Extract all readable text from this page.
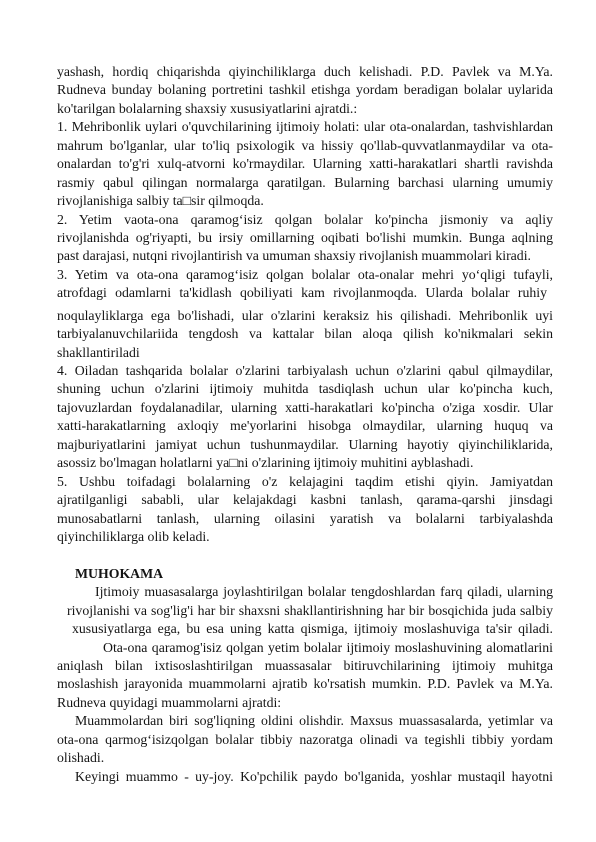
yashash, hordiq chiqarishda qiyinchiliklarga duch kelishadi. P.D. Pavlek va M.Ya.
Rudneva bunday bolaning portretini tashkil etishga yordam beradigan bolalar uylarida
ko'tarilgan bolalarning shaxsiy xususiyatlarini ajratdi.:
1. Mehribonlik uylari o'quvchilarining ijtimoiy holati: ular ota-onalardan, tashvishlardan
mahrum bo'lganlar, ular to'liq psixologik va hissiy qo'llab-quvvatlanmaydilar va ota-
onalardan to'g'ri xulq-atvorni ko'rmaydilar. Ularning xatti-harakatlari shartli ravishda
rasmiy qabul qilingan normalarga qaratilgan. Bularning barchasi ularning umumiy
rivojlanishiga salbiy ta□sir qilmoqda.
2. Yetim vaota-ona qaramog‘isiz qolgan bolalar ko'pincha jismoniy va aqliy
rivojlanishda og'riyapti, bu irsiy omillarning oqibati bo'lishi mumkin. Bunga aqlning
past darajasi, nutqni rivojlantirish va umuman shaxsiy rivojlanish muammolari kiradi.
3. Yetim va ota-ona qaramog‘isiz qolgan bolalar ota-onalar mehri yo‘qligi tufayli,
atrofdagi odamlarni ta'kidlash qobiliyati kam rivojlanmoqda. Ularda bolalar ruhiy
noqulayliklarga ega bo'lishadi, ular o'zlarini keraksiz his qilishadi. Mehribonlik uyi
tarbiyalanuvchilariida tengdosh va kattalar bilan aloqa qilish ko'nikmalari sekin
shakllantiriladi
4. Oiladan tashqarida bolalar o'zlarini tarbiyalash uchun o'zlarini qabul qilmaydilar,
shuning uchun o'zlarini ijtimoiy muhitda tasdiqlash uchun ular ko'pincha kuch,
tajovuzlardan foydalanadilar, ularning xatti-harakatlari ko'pincha o'ziga xosdir. Ular
xatti-harakatlarning axloqiy me'yorlarini hisobga olmaydilar, ularning huquq va
majburiyatlarini jamiyat uchun tushunmaydilar. Ularning hayotiy qiyinchiliklarida,
asossiz bo'lmagan holatlarni ya□ni o'zlarining ijtimoiy muhitini ayblashadi.
5. Ushbu toifadagi bolalarning o'z kelajagini taqdim etishi qiyin. Jamiyatdan
ajratilganligi sababli, ular kelajakdagi kasbni tanlash, qarama-qarshi jinsdagi
munosabatlarni tanlash, ularning oilasini yaratish va bolalarni tarbiyalashda
qiyinchiliklarga olib keladi.
MUHOKAMA
Ijtimoiy muasasalarga joylashtirilgan bolalar tengdoshlardan farq qiladi, ularning
rivojlanishi va sog'lig'i har bir shaxsni shakllantirishning har bir bosqichida juda salbiy
xususiyatlarga ega, bu esa uning katta qismiga, ijtimoiy moslashuviga ta'sir qiladi.
Ota-ona qaramog'isiz qolgan yetim bolalar ijtimoiy moslashuvining alomatlarini
aniqlash bilan ixtisoslashtirilgan muassasalar bitiruvchilarining ijtimoiy muhitga
moslashish jarayonida muammolarni ajratib ko'rsatish mumkin. P.D. Pavlek va M.Ya.
Rudneva quyidagi muammolarni ajratdi:
Muammolardan biri sog'liqning oldini olishdir. Maxsus muassasalarda, yetimlar va
ota-ona qarmog‘isizqolgan bolalar tibbiy nazoratga olinadi va tegishli tibbiy yordam
olishadi.
Keyingi muammo - uy-joy. Ko'pchilik paydo bo'lganida, yoshlar mustaqil hayotni
